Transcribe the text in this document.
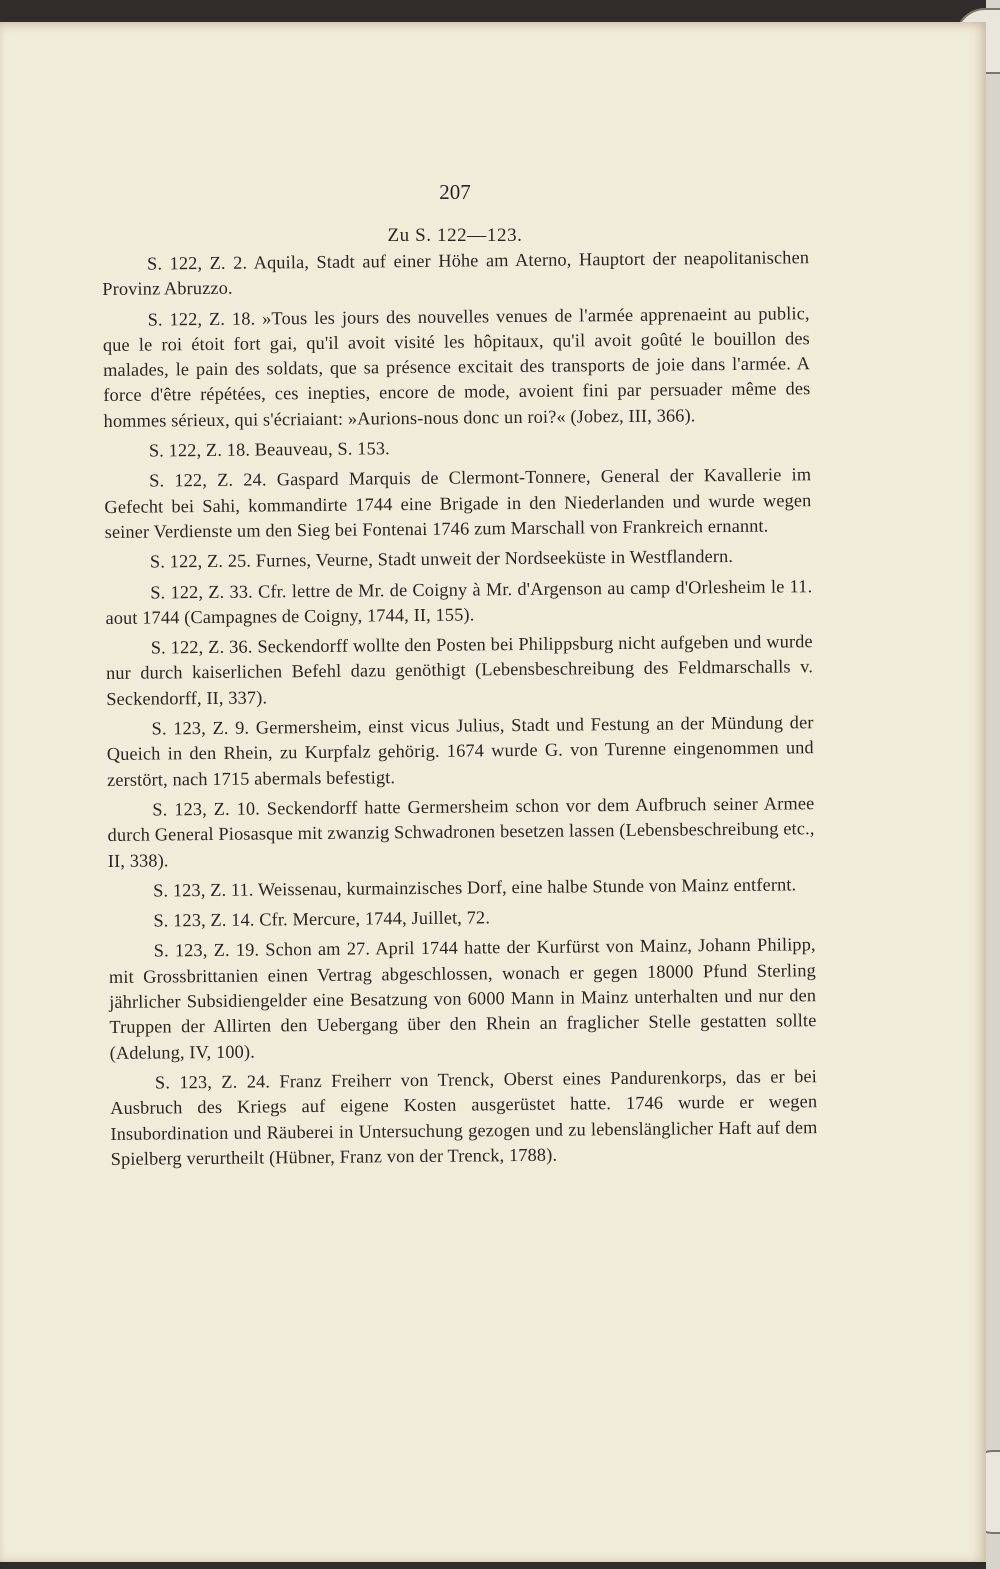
207
Zu S. 122—123.

S. 122, Z. 2. Aquila, Stadt auf einer Höhe am Aterno, Hauptort der neapolitanischen Provinz Abruzzo.

S. 122, Z. 18. »Tous les jours des nouvelles venues de l'armée apprenaeint au public, que le roi étoit fort gai, qu'il avoit visité les hôpitaux, qu'il avoit goûté le bouillon des malades, le pain des soldats, que sa présence excitait des transports de joie dans l'armée. A force d'être répétées, ces inepties, encore de mode, avoient fini par persuader même des hommes sérieux, qui s'écriaiant: »Aurions-nous donc un roi?« (Jobez, III, 366).

S. 122, Z. 18. Beauveau, S. 153.

S. 122, Z. 24. Gaspard Marquis de Clermont-Tonnere, General der Kavallerie im Gefecht bei Sahi, kommandirte 1744 eine Brigade in den Niederlanden und wurde wegen seiner Verdienste um den Sieg bei Fontenai 1746 zum Marschall von Frankreich ernannt.

S. 122, Z. 25. Furnes, Veurne, Stadt unweit der Nordseeküste in Westflandern.

S. 122, Z. 33. Cfr. lettre de Mr. de Coigny à Mr. d'Argenson au camp d'Orlesheim le 11. aout 1744 (Campagnes de Coigny, 1744, II, 155).

S. 122, Z. 36. Seckendorff wollte den Posten bei Philippsburg nicht aufgeben und wurde nur durch kaiserlichen Befehl dazu genöthigt (Lebensbeschreibung des Feldmarschalls v. Seckendorff, II, 337).

S. 123, Z. 9. Germersheim, einst vicus Julius, Stadt und Festung an der Mündung der Queich in den Rhein, zu Kurpfalz gehörig. 1674 wurde G. von Turenne eingenommen und zerstört, nach 1715 abermals befestigt.

S. 123, Z. 10. Seckendorff hatte Germersheim schon vor dem Aufbruch seiner Armee durch General Piosasque mit zwanzig Schwadronen besetzen lassen (Lebensbeschreibung etc., II, 338).

S. 123, Z. 11. Weissenau, kurmainzisches Dorf, eine halbe Stunde von Mainz entfernt.

S. 123, Z. 14. Cfr. Mercure, 1744, Juillet, 72.

S. 123, Z. 19. Schon am 27. April 1744 hatte der Kurfürst von Mainz, Johann Philipp, mit Grossbrittanien einen Vertrag abgeschlossen, wonach er gegen 18000 Pfund Sterling jährlicher Subsidiengelder eine Besatzung von 6000 Mann in Mainz unterhalten und nur den Truppen der Allirten den Uebergang über den Rhein an fraglicher Stelle gestatten sollte (Adelung, IV, 100).

S. 123, Z. 24. Franz Freiherr von Trenck, Oberst eines Pandurenkorps, das er bei Ausbruch des Kriegs auf eigene Kosten ausgerüstet hatte. 1746 wurde er wegen Insubordination und Räuberei in Untersuchung gezogen und zu lebenslänglicher Haft auf dem Spielberg verurtheilt (Hübner, Franz von der Trenck, 1788).
